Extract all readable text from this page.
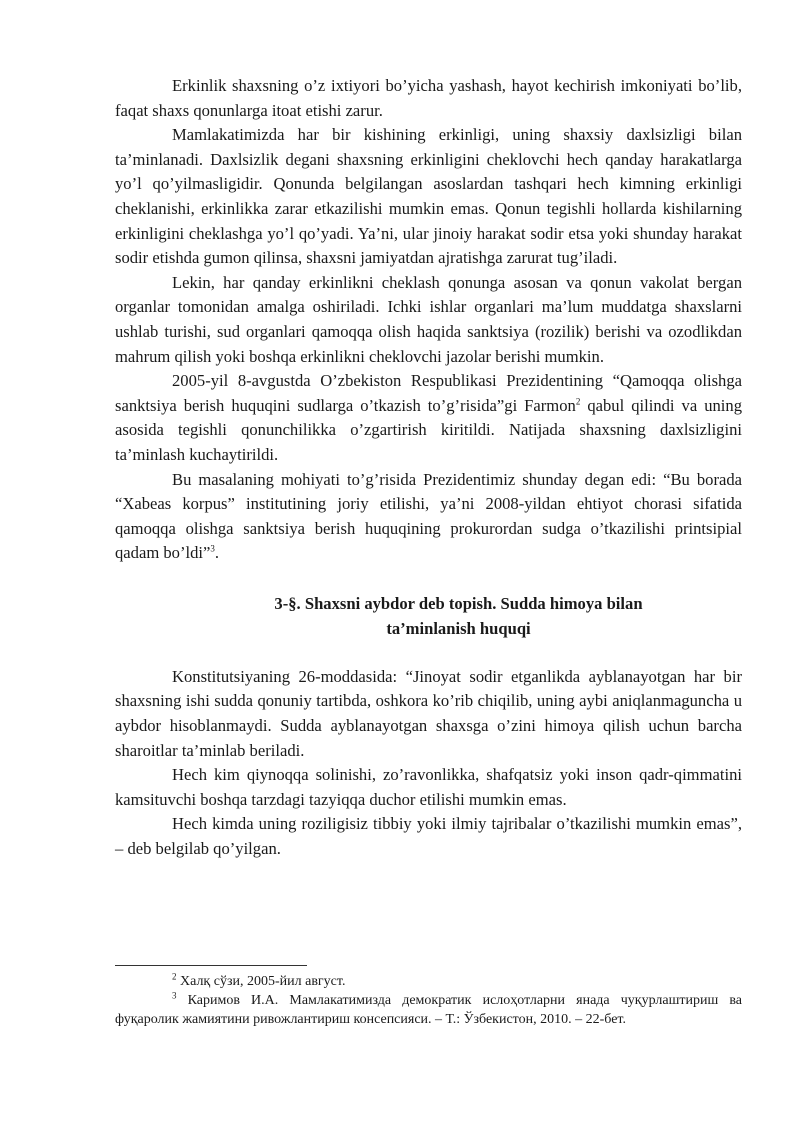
Erkinlik shaxsning o’z ixtiyori bo’yicha yashash, hayot kechirish imkoniyati bo’lib, faqat shaxs qonunlarga itoat etishi zarur.

Mamlakatimizda har bir kishining erkinligi, uning shaxsiy daxlsizligi bilan ta’minlanadi. Daxlsizlik degani shaxsning erkinligini cheklovchi hech qanday harakatlarga yo’l qo’yilmasligidir. Qonunda belgilangan asoslardan tashqari hech kimning erkinligi cheklanishi, erkinlikka zarar etkazilishi mumkin emas. Qonun tegishli hollarda kishilarning erkinligini cheklashga yo’l qo’yadi. Ya’ni, ular jinoiy harakat sodir etsa yoki shunday harakat sodir etishda gumon qilinsa, shaxsni jamiyatdan ajratishga zarurat tug’iladi.

Lekin, har qanday erkinlikni cheklash qonunga asosan va qonun vakolat bergan organlar tomonidan amalga oshiriladi. Ichki ishlar organlari ma’lum muddatga shaxslarni ushlab turishi, sud organlari qamoqqa olish haqida sanktsiya (rozilik) berishi va ozodlikdan mahrum qilish yoki boshqa erkinlikni cheklovchi jazolar berishi mumkin.

2005-yil 8-avgustda O’zbekiston Respublikasi Prezidentining “Qamoqqa olishga sanktsiya berish huquqini sudlarga o’tkazish to’g’risida”gi Farmon$^2$ qabul qilindi va uning asosida tegishli qonunchilikka o’zgartirish kiritildi. Natijada shaxsning daxlsizligini ta’minlash kuchaytirildi.

Bu masalaning mohiyati to’g’risida Prezidentimiz shunday degan edi: “Bu borada “Xabeas korpus” institutining joriy etilishi, ya’ni 2008-yildan ehtiyot chorasi sifatida qamoqqa olishga sanktsiya berish huquqining prokurordan sudga o’tkazilishi printsipial qadam bo’ldi”$^3$.

3-§. Shaxsni aybdor deb topish. Sudda himoya bilan
ta’minlanish huquqi

Konstitutsiyaning 26-moddasida: “Jinoyat sodir etganlikda ayblanayotgan har bir shaxsning ishi sudda qonuniy tartibda, oshkora ko’rib chiqilib, uning aybi aniqlanmaguncha u aybdor hisoblanmaydi. Sudda ayblanayotgan shaxsga o’zini himoya qilish uchun barcha sharoitlar ta’minlab beriladi.

Hech kim qiynoqqa solinishi, zo’ravonlikka, shafqatsiz yoki inson qadr-qimmatini kamsituvchi boshqa tarzdagi tazyiqqa duchor etilishi mumkin emas.

Hech kimda uning roziligisiz tibbiy yoki ilmiy tajribalar o’tkazilishi mumkin emas”, – deb belgilab qo’yilgan.

$^2$ Халқ сўзи, 2005-йил август.

$^3$ Каримов И.А. Мамлакатимизда демократик ислоҳотларни янада чуқурлаштириш ва фуқаролик жамиятини ривожлантириш консепсияси. – Т.: Ўзбекистон, 2010. – 22-бет.
